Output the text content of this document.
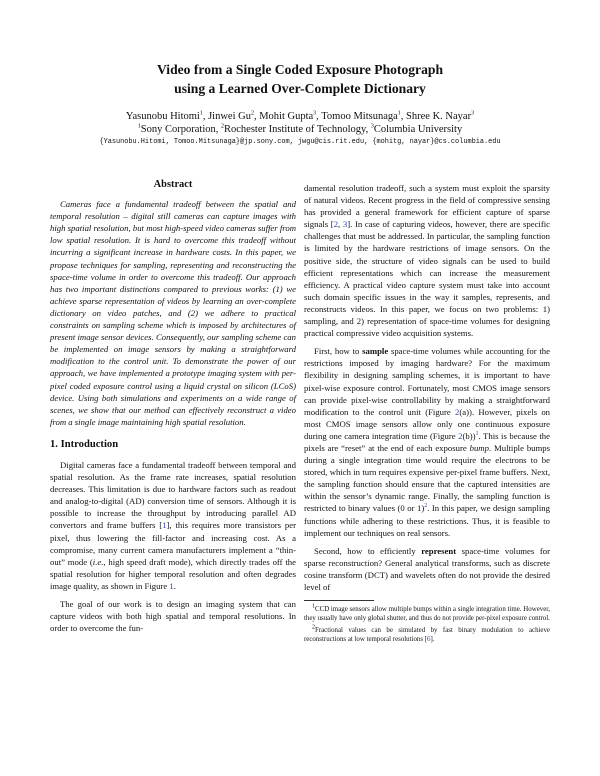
Video from a Single Coded Exposure Photograph
using a Learned Over-Complete Dictionary
Yasunobu Hitomi$^1$, Jinwei Gu$^2$, Mohit Gupta$^3$, Tomoo Mitsunaga$^1$, Shree K. Nayar$^3$
$^1$Sony Corporation, $^2$Rochester Institute of Technology, $^3$Columbia University
{Yasunobu.Hitomi, Tomoo.Mitsunaga}@jp.sony.com, jwgu@cis.rit.edu, {mohitg, nayar}@cs.columbia.edu
Abstract

Cameras face a fundamental tradeoff between the spatial and temporal resolution – digital still cameras can capture images with high spatial resolution, but most high-speed video cameras suffer from low spatial resolution. It is hard to overcome this tradeoff without incurring a significant increase in hardware costs. In this paper, we propose techniques for sampling, representing and reconstructing the space-time volume in order to overcome this tradeoff. Our approach has two important distinctions compared to previous works: (1) we achieve sparse representation of videos by learning an over-complete dictionary on video patches, and (2) we adhere to practical constraints on sampling scheme which is imposed by architectures of present image sensor devices. Consequently, our sampling scheme can be implemented on image sensors by making a straightforward modification to the control unit. To demonstrate the power of our approach, we have implemented a prototype imaging system with per-pixel coded exposure control using a liquid crystal on silicon (LCoS) device. Using both simulations and experiments on a wide range of scenes, we show that our method can effectively reconstruct a video from a single image maintaining high spatial resolution.

1. Introduction

Digital cameras face a fundamental tradeoff between temporal and spatial resolution. As the frame rate increases, spatial resolution decreases. This limitation is due to hardware factors such as readout and analog-to-digital (AD) conversion time of sensors. Although it is possible to increase the throughput by introducing parallel AD convertors and frame buffers [1], this requires more transistors per pixel, thus lowering the fill-factor and increasing cost. As a compromise, many current camera manufacturers implement a “thin-out” mode (i.e., high speed draft mode), which directly trades off the spatial resolution for higher temporal resolution and often degrades image quality, as shown in Figure 1.

The goal of our work is to design an imaging system that can capture videos with both high spatial and temporal resolutions. In order to overcome the fun-

damental resolution tradeoff, such a system must exploit the sparsity of natural videos. Recent progress in the field of compressive sensing has provided a general framework for efficient capture of sparse signals [2, 3]. In case of capturing videos, however, there are specific challenges that must be addressed. In particular, the sampling function is limited by the hardware restrictions of image sensors. On the positive side, the structure of video signals can be used to build efficient representations which can increase the measurement efficiency. A practical video capture system must take into account such domain specific issues in the way it samples, represents, and reconstructs videos. In this paper, we focus on two problems: 1) sampling, and 2) representation of space-time volumes for designing practical compressive video acquisition systems.

First, how to sample space-time volumes while accounting for the restrictions imposed by imaging hardware? For the maximum flexibility in designing sampling schemes, it is important to have pixel-wise exposure control. Fortunately, most CMOS image sensors can provide pixel-wise controllability by making a straightforward modification to the control unit (Figure 2(a)). However, pixels on most CMOS image sensors allow only one continuous exposure during one camera integration time (Figure 2(b))$^1$. This is because the pixels are “reset” at the end of each exposure bump. Multiple bumps during a single integration time would require the electrons to be stored, which in turn requires expensive per-pixel frame buffers. Next, the sampling function should ensure that the captured intensities are within the sensor’s dynamic range. Finally, the sampling function is restricted to binary values (0 or 1)$^2$. In this paper, we design sampling functions while adhering to these restrictions. Thus, it is feasible to implement our techniques on real sensors.

Second, how to efficiently represent space-time volumes for sparse reconstruction? General analytical transforms, such as discrete cosine transform (DCT) and wavelets often do not provide the desired level of

$^1$CCD image sensors allow multiple bumps within a single integration time. However, they usually have only global shutter, and thus do not provide per-pixel exposure control.

$^2$Fractional values can be simulated by fast binary modulation to achieve reconstructions at low temporal resolutions [6].
